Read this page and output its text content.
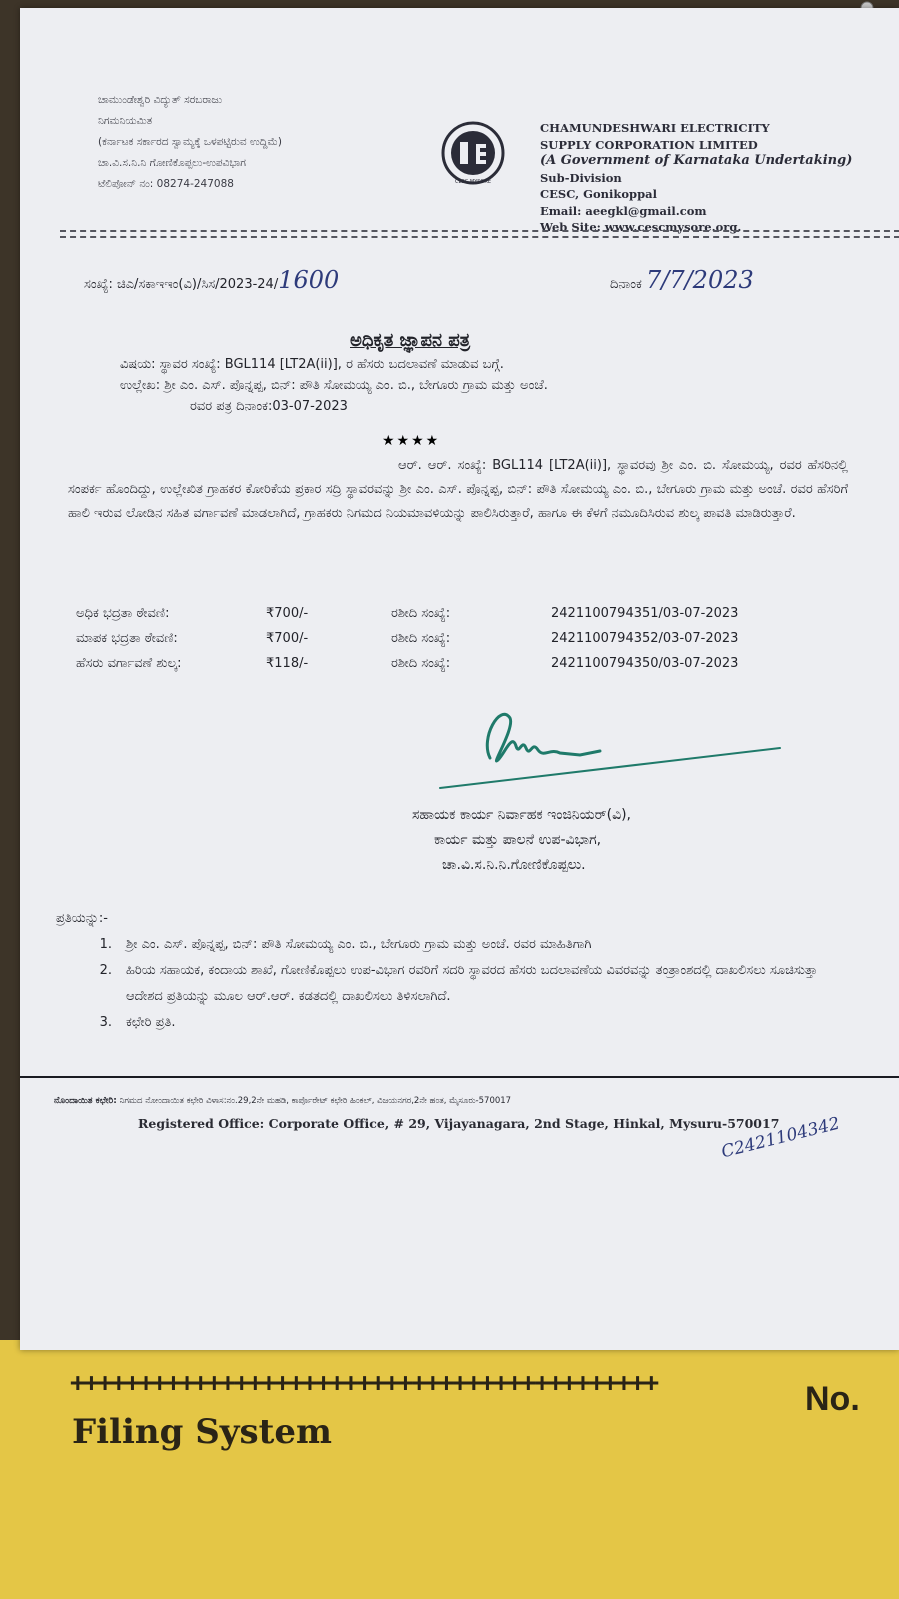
+++++++++++++++++++++++++++++++++++++++++++
Filing System
No.
ಚಾಮುಂಡೇಶ್ವರಿ ವಿದ್ಯುತ್ ಸರಬರಾಜು
ನಿಗಮನಿಯಮಿತ
(ಕರ್ನಾಟಕ ಸರ್ಕಾರದ ಸ್ವಾಮ್ಯಕ್ಕೆ ಒಳಪಟ್ಟಿರುವ ಉದ್ದಿಮೆ)
ಚಾ.ವಿ.ಸ.ನಿ.ನಿ ಗೋಣಿಕೊಪ್ಪಲು-ಉಪವಿಭಾಗ
ಟೆಲಿಪೋನ್ ನಂ: 08274-247088	CESC MYSORE
CHAMUNDESHWARI ELECTRICITY
SUPPLY CORPORATION LIMITED
(A Government of Karnataka Undertaking)
Sub-Division
CESC, Gonikoppal
Email: aeegkl@gmail.com
Web Site: www.cescmysore.org.
ಸಂಖ್ಯೆ: ಚಿಎ/ಸಕಾಇಇಂ(ವಿ)/ಸಿಸ/2023-24/1600	ದಿನಾಂಕ 7/7/2023
ಅಧಿಕೃತ ಜ್ಞಾಪನ ಪತ್ರ
ವಿಷಯ: ಸ್ಥಾವರ ಸಂಖ್ಯೆ: BGL114 [LT2A(ii)], ರ ಹೆಸರು ಬದಲಾವಣೆ ಮಾಡುವ ಬಗ್ಗೆ.
ಉಲ್ಲೇಖ: ಶ್ರೀ ಎಂ. ಎಸ್. ಪೊನ್ನಪ್ಪ, ಬಿನ್: ಪೌತಿ ಸೋಮಯ್ಯ ಎಂ. ಬಿ., ಬೇಗೂರು ಗ್ರಾಮ ಮತ್ತು ಅಂಚೆ.
ರವರ ಪತ್ರ ದಿನಾಂಕ:03-07-2023
★★★★
ಆರ್. ಆರ್. ಸಂಖ್ಯೆ: BGL114 [LT2A(ii)], ಸ್ಥಾವರವು ಶ್ರೀ ಎಂ. ಬಿ. ಸೋಮಯ್ಯ, ರವರ ಹೆಸರಿನಲ್ಲಿ ಸಂಪರ್ಕ ಹೊಂದಿದ್ದು, ಉಲ್ಲೇಖಿತ ಗ್ರಾಹಕರ ಕೋರಿಕೆಯ ಪ್ರಕಾರ ಸದ್ರಿ ಸ್ಥಾವರವನ್ನು ಶ್ರೀ ಎಂ. ಎಸ್. ಪೊನ್ನಪ್ಪ, ಬಿನ್: ಪೌತಿ ಸೋಮಯ್ಯ ಎಂ. ಬಿ., ಬೇಗೂರು ಗ್ರಾಮ ಮತ್ತು ಅಂಚೆ. ರವರ ಹೆಸರಿಗೆ ಹಾಲಿ ಇರುವ ಲೋಡಿನ ಸಹಿತ ವರ್ಗಾವಣೆ ಮಾಡಲಾಗಿದೆ, ಗ್ರಾಹಕರು ನಿಗಮದ ನಿಯಮಾವಳಿಯನ್ನು ಪಾಲಿಸಿರುತ್ತಾರೆ, ಹಾಗೂ ಈ ಕೆಳಗೆ ನಮೂದಿಸಿರುವ ಶುಲ್ಕ ಪಾವತಿ ಮಾಡಿರುತ್ತಾರೆ.
ಅಧಿಕ ಭದ್ರತಾ ಠೇವಣಿ:	₹700/-	ರಶೀದಿ ಸಂಖ್ಯೆ:	2421100794351/03-07-2023
ಮಾಪಕ ಭದ್ರತಾ ಠೇವಣಿ:	₹700/-	ರಶೀದಿ ಸಂಖ್ಯೆ:	2421100794352/03-07-2023
ಹೆಸರು ವರ್ಗಾವಣೆ ಶುಲ್ಕ:	₹118/-	ರಶೀದಿ ಸಂಖ್ಯೆ:	2421100794350/03-07-2023
ಸಹಾಯಕ ಕಾರ್ಯ ನಿರ್ವಾಹಕ ಇಂಜಿನಿಯರ್(ವಿ),
ಕಾರ್ಯ ಮತ್ತು ಪಾಲನೆ ಉಪ-ವಿಭಾಗ,
ಚಾ.ವಿ.ಸ.ನಿ.ನಿ.ಗೋಣಿಕೊಪ್ಪಲು.
ಪ್ರತಿಯನ್ನು:-
1.	ಶ್ರೀ ಎಂ. ಎಸ್. ಪೊನ್ನಪ್ಪ, ಬಿನ್: ಪೌತಿ ಸೋಮಯ್ಯ ಎಂ. ಬಿ., ಬೇಗೂರು ಗ್ರಾಮ ಮತ್ತು ಅಂಚೆ. ರವರ ಮಾಹಿತಿಗಾಗಿ
2.	ಹಿರಿಯ ಸಹಾಯಕ, ಕಂದಾಯ ಶಾಖೆ, ಗೋಣಿಕೊಪ್ಪಲು ಉಪ-ವಿಭಾಗ ರವರಿಗೆ ಸದರಿ ಸ್ಥಾವರದ ಹೆಸರು ಬದಲಾವಣೆಯ ವಿವರವನ್ನು ತಂತ್ರಾಂಶದಲ್ಲಿ ದಾಖಲಿಸಲು ಸೂಚಿಸುತ್ತಾ ಆದೇಶದ ಪ್ರತಿಯನ್ನು ಮೂಲ ಆರ್.ಆರ್. ಕಡತದಲ್ಲಿ ದಾಖಲಿಸಲು ತಿಳಿಸಲಾಗಿದೆ.
3.	ಕಛೇರಿ ಪ್ರತಿ.
ನೊಂದಾಯಿತ ಕಛೇರಿ: ನಿಗಮದ ನೋಂದಾಯಿತ ಕಛೇರಿ ವಿಳಾಸ:ನಂ.29,2ನೇ ಮಹಡಿ, ಕಾರ್ಪೊರೇಟ್ ಕಛೇರಿ ಹಿಂಕಲ್, ವಿಜಯನಗರ,2ನೇ ಹಂತ, ಮೈಸೂರು-570017
Registered Office: Corporate Office, # 29, Vijayanagara, 2nd Stage, Hinkal, Mysuru-570017
C2421104342
